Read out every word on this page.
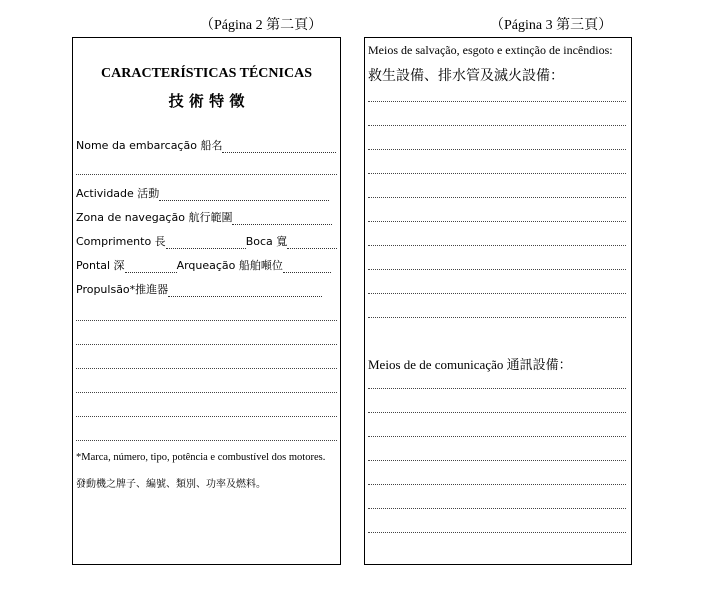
（Página 2 第二頁）	（Página 3 第三頁）
CARACTERÍSTICAS TÉCNICAS
技 術 特 徵
Nome da embarcação 船名
Actividade 活動
Zona de navegação 航行範圍
Comprimento 長	Boca 寬
Pontal 深	Arqueação 船舶噸位
Propulsão*推進器
*Marca, número, tipo, potência e combustível dos motores.
發動機之牌子、編號、類別、功率及燃料。
Meios de salvação, esgoto e extinção de incêndios:
救生設備、排水管及滅火設備：
Meios de de comunicação 通訊設備：
